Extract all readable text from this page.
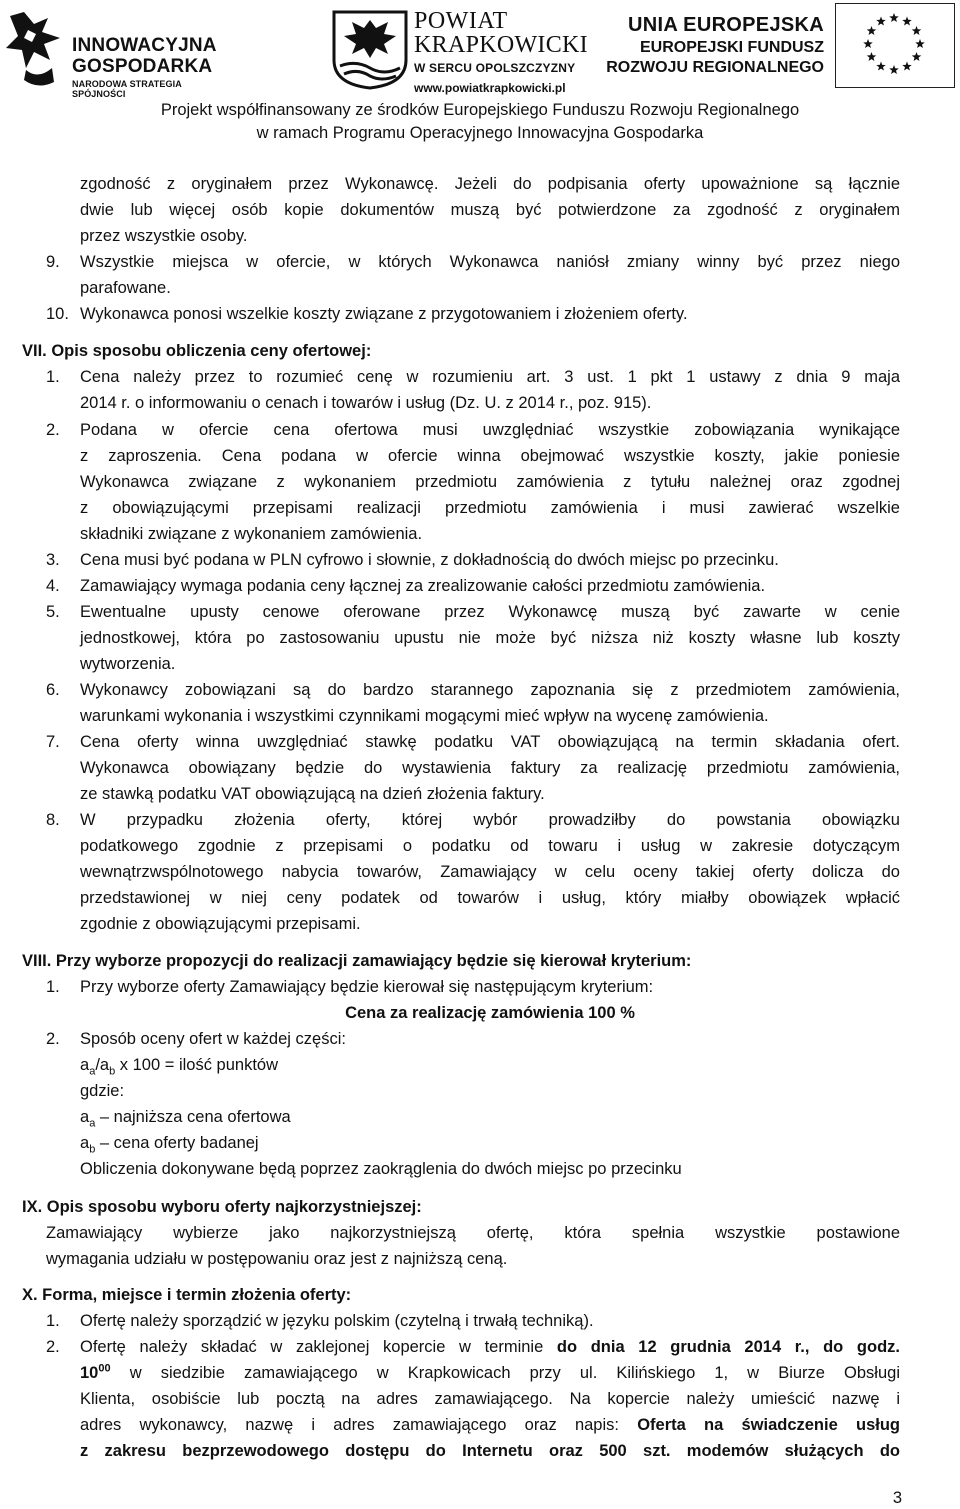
INNOWACYJNA
GOSPODARKA
NARODOWA STRATEGIA SPÓJNOŚCI
POWIAT
KRAPKOWICKI
W SERCU OPOLSZCZYZNY
www.powiatkrapkowicki.pl
UNIA EUROPEJSKA
EUROPEJSKI FUNDUSZ
ROZWOJU REGIONALNEGO
Projekt współfinansowany ze środków Europejskiego Funduszu Rozwoju Regionalnego
w ramach Programu Operacyjnego Innowacyjna Gospodarka
zgodność z oryginałem przez Wykonawcę. Jeżeli do podpisania oferty upoważnione są łącznie
dwie lub więcej osób kopie dokumentów muszą być potwierdzone za zgodność z oryginałem
przez wszystkie osoby.
9. Wszystkie miejsca w ofercie, w których Wykonawca naniósł zmiany winny być przez niego
parafowane.
10. Wykonawca ponosi wszelkie koszty związane z przygotowaniem i złożeniem oferty.
VII. Opis sposobu obliczenia ceny ofertowej:
1. Cena należy przez to rozumieć cenę w rozumieniu art. 3 ust. 1 pkt 1 ustawy z dnia 9 maja
2014 r. o informowaniu o cenach i towarów i usług (Dz. U. z 2014 r., poz. 915).
2. Podana w ofercie cena ofertowa musi uwzględniać wszystkie zobowiązania wynikające
z zaproszenia. Cena podana w ofercie winna obejmować wszystkie koszty, jakie poniesie
Wykonawca związane z wykonaniem przedmiotu zamówienia z tytułu należnej oraz zgodnej
z obowiązującymi przepisami realizacji przedmiotu zamówienia i musi zawierać wszelkie
składniki związane z wykonaniem zamówienia.
3. Cena musi być podana w PLN cyfrowo i słownie, z dokładnością do dwóch miejsc po przecinku.
4. Zamawiający wymaga podania ceny łącznej za zrealizowanie całości przedmiotu zamówienia.
5. Ewentualne upusty cenowe oferowane przez Wykonawcę muszą być zawarte w cenie
jednostkowej, która po zastosowaniu upustu nie może być niższa niż koszty własne lub koszty
wytworzenia.
6. Wykonawcy zobowiązani są do bardzo starannego zapoznania się z przedmiotem zamówienia,
warunkami wykonania i wszystkimi czynnikami mogącymi mieć wpływ na wycenę zamówienia.
7. Cena oferty winna uwzględniać stawkę podatku VAT obowiązującą na termin składania ofert.
Wykonawca obowiązany będzie do wystawienia faktury za realizację przedmiotu zamówienia,
ze stawką podatku VAT obowiązującą na dzień złożenia faktury.
8. W przypadku złożenia oferty, której wybór prowadziłby do powstania obowiązku
podatkowego zgodnie z przepisami o podatku od towaru i usług w zakresie dotyczącym
wewnątrzwspólnotowego nabycia towarów, Zamawiający w celu oceny takiej oferty dolicza do
przedstawionej w niej ceny podatek od towarów i usług, który miałby obowiązek wpłacić
zgodnie z obowiązującymi przepisami.
VIII. Przy wyborze propozycji do realizacji zamawiający będzie się kierował kryterium:
1. Przy wyborze oferty Zamawiający będzie kierował się następującym kryterium:
Cena za realizację zamówienia 100 %
2. Sposób oceny ofert w każdej części:
$a_a/a_b$ x 100 = ilość punktów
gdzie:
$a_a$ – najniższa cena ofertowa
$a_b$ – cena oferty badanej
Obliczenia dokonywane będą poprzez zaokrąglenia do dwóch miejsc po przecinku
IX. Opis sposobu wyboru oferty najkorzystniejszej:
Zamawiający wybierze jako najkorzystniejszą ofertę, która spełnia wszystkie postawione
wymagania udziału w postępowaniu oraz jest z najniższą ceną.
X. Forma, miejsce i termin złożenia oferty:
1. Ofertę należy sporządzić w języku polskim (czytelną i trwałą techniką).
2. Ofertę należy składać w zaklejonej kopercie w terminie do dnia 12 grudnia 2014 r., do godz.
$10^{00}$ w siedzibie zamawiającego w Krapkowicach przy ul. Kilińskiego 1, w Biurze Obsługi
Klienta, osobiście lub pocztą na adres zamawiającego. Na kopercie należy umieścić nazwę i
adres wykonawcy, nazwę i adres zamawiającego oraz napis: Oferta na świadczenie usług
z zakresu bezprzewodowego dostępu do Internetu oraz 500 szt. modemów służących do
3
